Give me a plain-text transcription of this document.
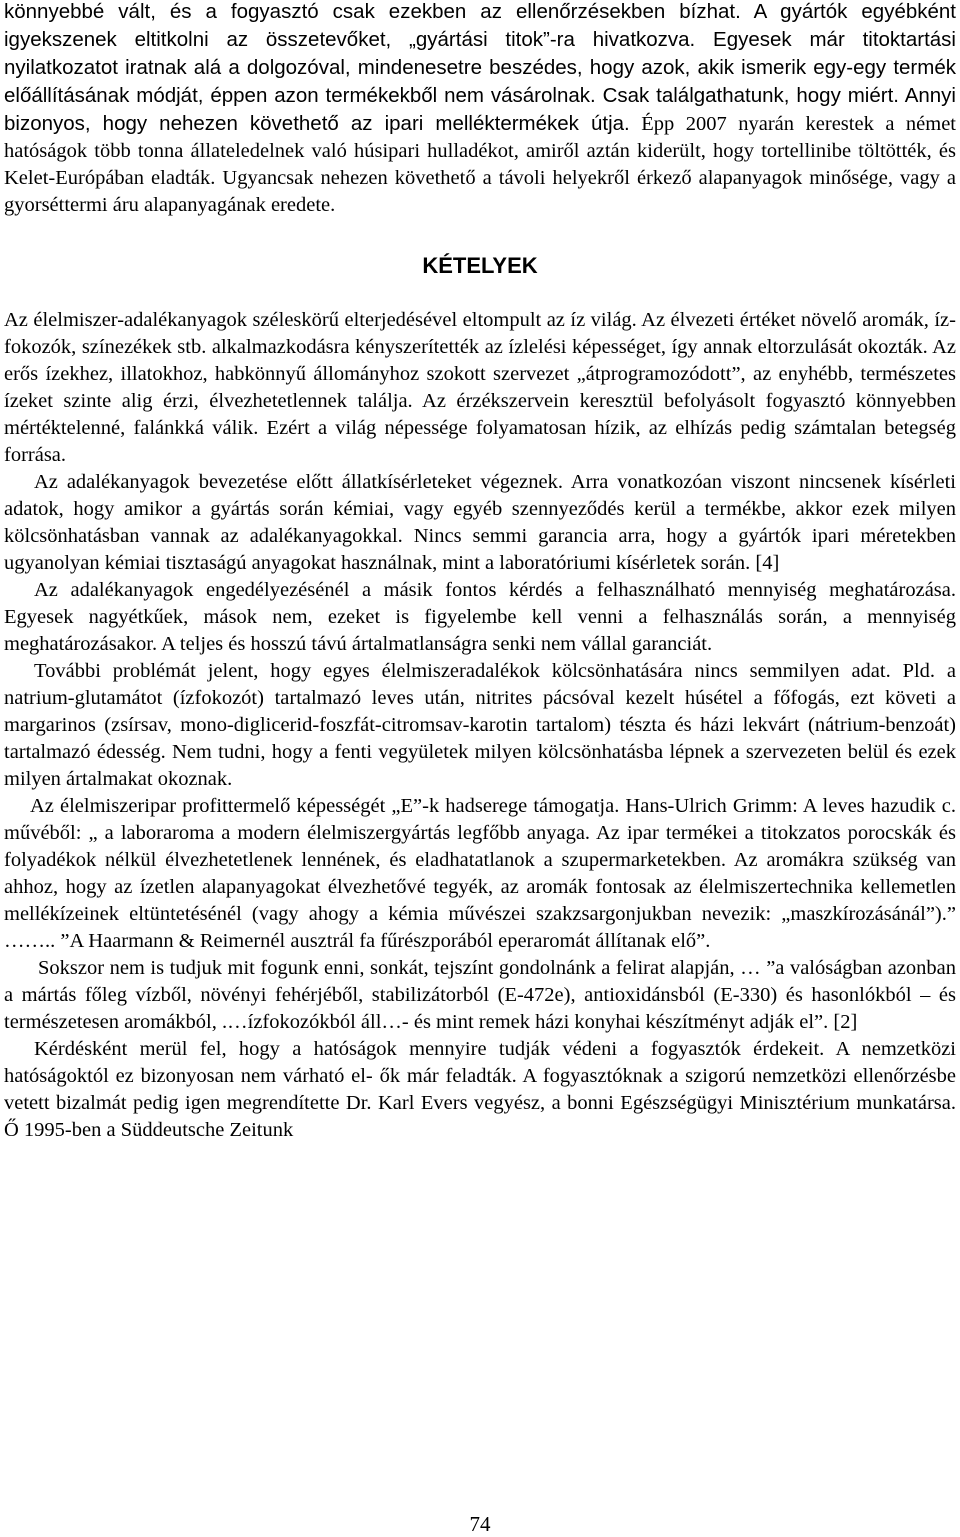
könnyebbé vált, és a fogyasztó csak ezekben az ellenőrzésekben bízhat. A gyártók egyébként igyekszenek eltitkolni az összetevőket, „gyártási titok”-ra hivatkozva. Egyesek már titoktartási nyilatkozatot iratnak alá a dolgozóval, mindenesetre beszédes, hogy azok, akik ismerik egy-egy termék előállításának módját, éppen azon termékekből nem vásárolnak. Csak találgathatunk, hogy miért. Annyi bizonyos, hogy nehezen követhető az ipari melléktermékek útja. Épp 2007 nyarán kerestek a német hatóságok több tonna állateledelnek való húsipari hulladékot, amiről aztán kiderült, hogy tortellinibe töltötték, és Kelet-Európában eladták. Ugyancsak nehezen követhető a távoli helyekről érkező alapanyagok minősége, vagy a gyorséttermi áru alapanyagának eredete.

KÉTELYEK

Az élelmiszer-adalékanyagok széleskörű elterjedésével eltompult az íz világ. Az élvezeti értéket növelő aromák, íz-fokozók, színezékek stb. alkalmazkodásra kényszerítették az ízlelési képességet, így annak eltorzulását okozták. Az erős ízekhez, illatokhoz, habkönnyű állományhoz szokott szervezet „átprogramozódott”, az enyhébb, természetes ízeket szinte alig érzi, élvezhetetlennek találja. Az érzékszervein keresztül befolyásolt fogyasztó könnyebben mértéktelenné, falánkká válik. Ezért a világ népessége folyamatosan hízik, az elhízás pedig számtalan betegség forrása.

Az adalékanyagok bevezetése előtt állatkísérleteket végeznek. Arra vonatkozóan viszont nincsenek kísérleti adatok, hogy amikor a gyártás során kémiai, vagy egyéb szennyeződés kerül a termékbe, akkor ezek milyen kölcsönhatásban vannak az adalékanyagokkal. Nincs semmi garancia arra, hogy a gyártók ipari méretekben ugyanolyan kémiai tisztaságú anyagokat használnak, mint a laboratóriumi kísérletek során. [4]

Az adalékanyagok engedélyezésénél a másik fontos kérdés a felhasználható mennyiség meghatározása. Egyesek nagyétkűek, mások nem, ezeket is figyelembe kell venni a felhasználás során, a mennyiség meghatározásakor. A teljes és hosszú távú ártalmatlanságra senki nem vállal garanciát.

További problémát jelent, hogy egyes élelmiszeradalékok kölcsönhatására nincs semmilyen adat. Pld. a natrium-glutamátot (ízfokozót) tartalmazó leves után, nitrites pácsóval kezelt húsétel a főfogás, ezt követi a margarinos (zsírsav, mono-diglicerid-foszfát-citromsav-karotin tartalom) tészta és házi lekvárt (nátrium-benzoát) tartalmazó édesség. Nem tudni, hogy a fenti vegyületek milyen kölcsönhatásba lépnek a szervezeten belül és ezek milyen ártalmakat okoznak.

Az élelmiszeripar profittermelő képességét „E”-k hadserege támogatja. Hans-Ulrich Grimm: A leves hazudik c. művéből: „ a laboraroma a modern élelmiszergyártás legfőbb anyaga. Az ipar termékei a titokzatos porocskák és folyadékok nélkül élvezhetetlenek lennének, és eladhatatlanok a szupermarketekben. Az aromákra szükség van ahhoz, hogy az ízetlen alapanyagokat élvezhetővé tegyék, az aromák fontosak az élelmiszertechnika kellemetlen mellékízeinek eltüntetésénél (vagy ahogy a kémia művészei szakzsargonjukban nevezik: „maszkírozásánál”).” …….. ”A Haarmann & Reimernél ausztrál fa fűrészporából eperaromát állítanak elő”.

Sokszor nem is tudjuk mit fogunk enni, sonkát, tejszínt gondolnánk a felirat alapján, … ”a valóságban azonban a mártás főleg vízből, növényi fehérjéből, stabilizátorból (E-472e), antioxidánsból (E-330) és hasonlókból – és természetesen aromákból, .…ízfokozókból áll…- és mint remek házi konyhai készítményt adják el”. [2]

Kérdésként merül fel, hogy a hatóságok mennyire tudják védeni a fogyasztók érdekeit. A nemzetközi hatóságoktól ez bizonyosan nem várható el- ők már feladták. A fogyasztóknak a szigorú nemzetközi ellenőrzésbe vetett bizalmát pedig igen megrendítette Dr. Karl Evers vegyész, a bonni Egészségügyi Minisztérium munkatársa. Ő 1995-ben a Süddeutsche Zeitunk

74
